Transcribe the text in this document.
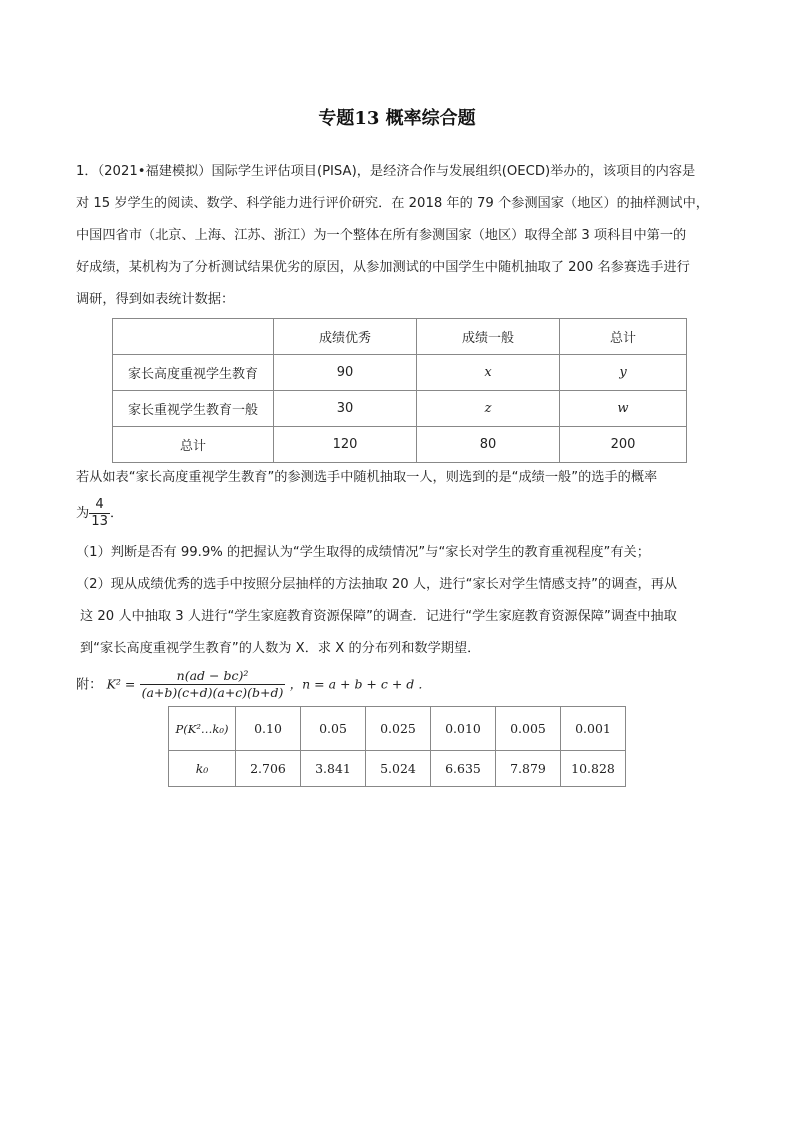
专题13 概率综合题
1．（2021•福建模拟）国际学生评估项目(PISA)，是经济合作与发展组织(OECD)举办的，该项目的内容是
对 15 岁学生的阅读、数学、科学能力进行评价研究．在 2018 年的 79 个参测国家（地区）的抽样测试中，
中国四省市（北京、上海、江苏、浙江）为一个整体在所有参测国家（地区）取得全部 3 项科目中第一的
好成绩，某机构为了分析测试结果优劣的原因，从参加测试的中国学生中随机抽取了 200 名参赛选手进行
调研，得到如表统计数据：
	成绩优秀	成绩一般	总计
家长高度重视学生教育	90	x	y
家长重视学生教育一般	30	z	w
总计	120	80	200
若从如表“家长高度重视学生教育”的参测选手中随机抽取一人，则选到的是“成绩一般”的选手的概率
为 $\frac{4}{13}$ ．
（1）判断是否有 99.9% 的把握认为“学生取得的成绩情况”与“家长对学生的教育重视程度”有关；
（2）现从成绩优秀的选手中按照分层抽样的方法抽取 20 人，进行“家长对学生情感支持”的调查，再从
这 20 人中抽取 3 人进行“学生家庭教育资源保障”的调查．记进行“学生家庭教育资源保障”调查中抽取
到“家长高度重视学生教育”的人数为 X．求 X 的分布列和数学期望．
附： $K^2 = \frac{\text{n(ad − bc)²}}{(a+b)(c+d)(a+c)(b+d)}$ ，n = a + b + c + d ．
P(K²…k₀)	0.10	0.05	0.025	0.010	0.005	0.001
k₀	2.706	3.841	5.024	6.635	7.879	10.828
